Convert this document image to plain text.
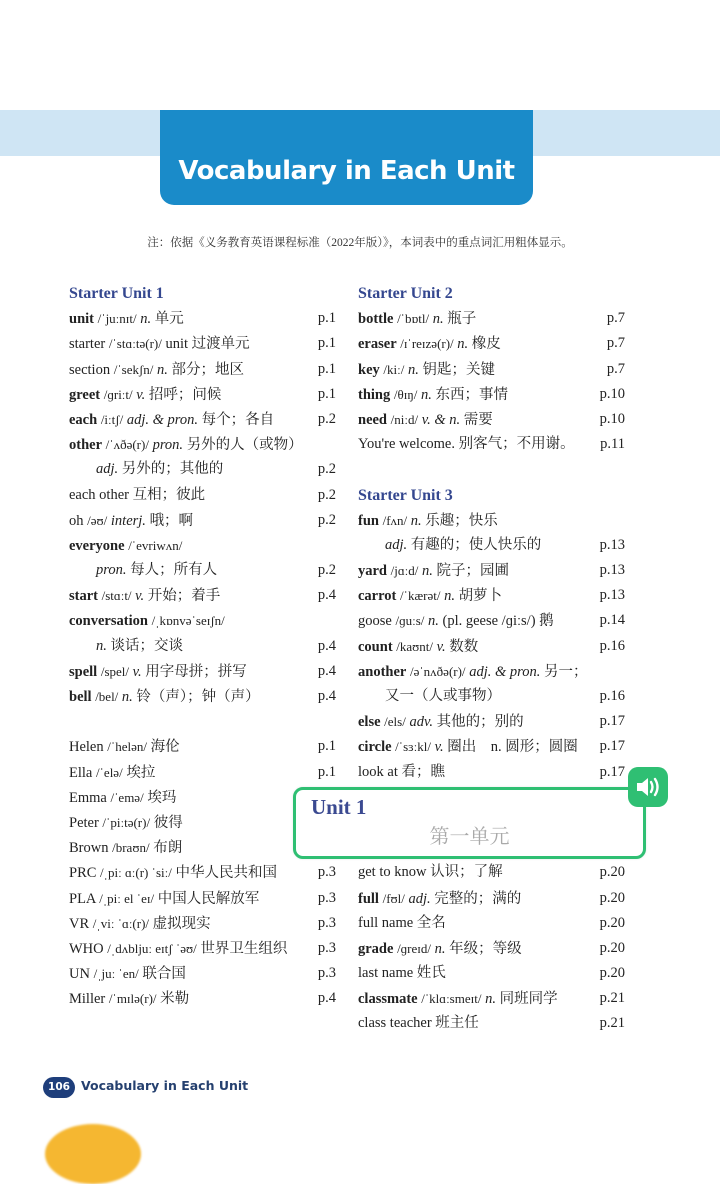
Vocabulary in Each Unit
注：依据《义务教育英语课程标准（2022年版）》，本词表中的重点词汇用粗体显示。
Starter Unit 1
unit /ˈjuːnɪt/ n. 单元	p.1
starter /ˈstɑːtə(r)/ unit 过渡单元	p.1
section /ˈsekʃn/ n. 部分；地区	p.1
greet /ɡriːt/ v. 招呼；问候	p.1
each /iːtʃ/ adj. & pron. 每个；各自	p.2
other /ˈʌðə(r)/ pron. 另外的人（或物）
adj. 另外的；其他的	p.2
each other 互相；彼此	p.2
oh /əʊ/ interj. 哦；啊	p.2
everyone /ˈevriwʌn/
pron. 每人；所有人	p.2
start /stɑːt/ v. 开始；着手	p.4
conversation /ˌkɒnvəˈseɪʃn/
n. 谈话；交谈	p.4
spell /spel/ v. 用字母拼；拼写	p.4
bell /bel/ n. 铃（声）；钟（声）	p.4
Helen /ˈhelən/ 海伦	p.1
Ella /ˈelə/ 埃拉	p.1
Emma /ˈemə/ 埃玛
Peter /ˈpiːtə(r)/ 彼得
Brown /braʊn/ 布朗
PRC /ˌpiː ɑː(r) ˈsiː/ 中华人民共和国	p.3
PLA /ˌpiː el ˈeɪ/ 中国人民解放军	p.3
VR /ˌviː ˈɑː(r)/ 虚拟现实	p.3
WHO /ˌdʌbljuː eɪtʃ ˈəʊ/ 世界卫生组织	p.3
UN /ˌjuː ˈen/ 联合国	p.3
Miller /ˈmɪlə(r)/ 米勒	p.4
Starter Unit 2
bottle /ˈbɒtl/ n. 瓶子	p.7
eraser /ɪˈreɪzə(r)/ n. 橡皮	p.7
key /kiː/ n. 钥匙；关键	p.7
thing /θɪŋ/ n. 东西；事情	p.10
need /niːd/ v. & n. 需要	p.10
You're welcome. 别客气；不用谢。	p.11
Starter Unit 3
fun /fʌn/ n. 乐趣；快乐
adj. 有趣的；使人快乐的	p.13
yard /jɑːd/ n. 院子；园圃	p.13
carrot /ˈkærət/ n. 胡萝卜	p.13
goose /ɡuːs/ n. (pl. geese /ɡiːs/) 鹅	p.14
count /kaʊnt/ v. 数数	p.16
another /əˈnʌðə(r)/ adj. & pron. 另一；
又一（人或事物）	p.16
else /els/ adv. 其他的；别的	p.17
circle /ˈsɜːkl/ v. 圈出　n. 圆形；圆圈	p.17
look at 看；瞧	p.17
get to know 认识；了解	p.20
full /fʊl/ adj. 完整的；满的	p.20
full name 全名	p.20
grade /ɡreɪd/ n. 年级；等级	p.20
last name 姓氏	p.20
classmate /ˈklɑːsmeɪt/ n. 同班同学	p.21
class teacher 班主任	p.21
Unit 1
第一单元
106 Vocabulary in Each Unit
